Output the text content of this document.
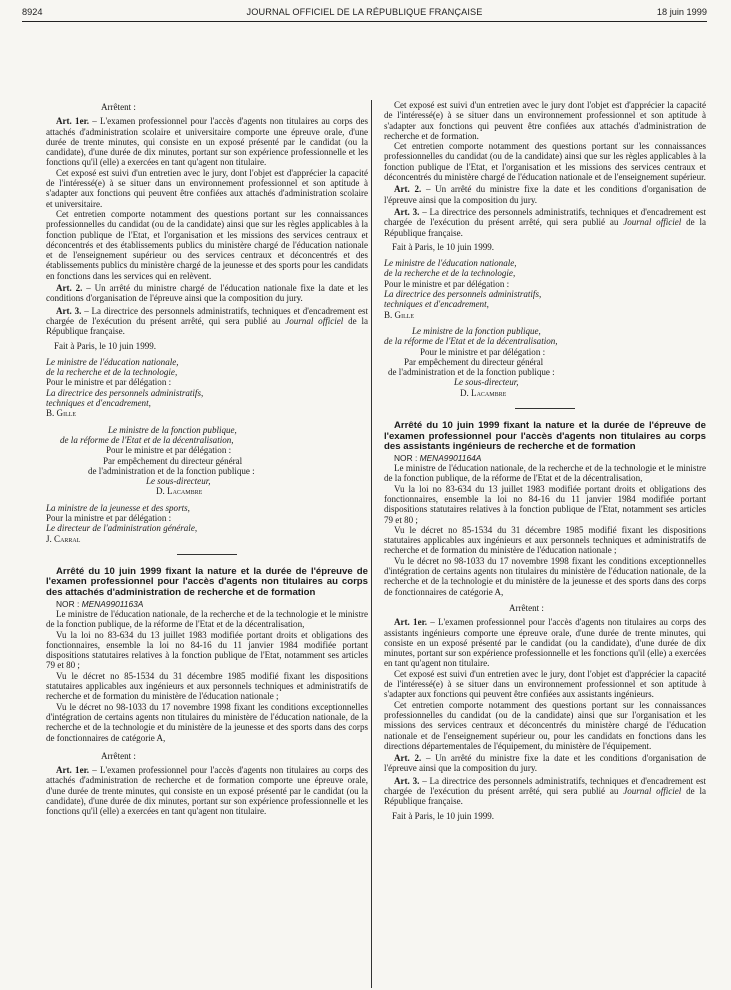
8924	JOURNAL OFFICIEL DE LA RÉPUBLIQUE FRANÇAISE	18 juin 1999

Arrêtent :

Art. 1er. – L'examen professionnel pour l'accès d'agents non titulaires au corps des attachés d'administration scolaire et universitaire comporte une épreuve orale, d'une durée de trente minutes, qui consiste en un exposé présenté par le candidat (ou la candidate), d'une durée de dix minutes, portant sur son expérience professionnelle et les fonctions qu'il (elle) a exercées en tant qu'agent non titulaire.

Cet exposé est suivi d'un entretien avec le jury, dont l'objet est d'apprécier la capacité de l'intéressé(e) à se situer dans un environnement professionnel et son aptitude à s'adapter aux fonctions qui peuvent être confiées aux attachés d'administration scolaire et universitaire.

Cet entretien comporte notamment des questions portant sur les connaissances professionnelles du candidat (ou de la candidate) ainsi que sur les règles applicables à la fonction publique de l'Etat, et l'organisation et les missions des services centraux et déconcentrés et des établissements publics du ministère chargé de l'éducation nationale et de l'enseignement supérieur ou des services centraux et déconcentrés et des établissements publics du ministère chargé de la jeunesse et des sports pour les candidats en fonctions dans les services qui en relèvent.

Art. 2. – Un arrêté du ministre chargé de l'éducation nationale fixe la date et les conditions d'organisation de l'épreuve ainsi que la composition du jury.

Art. 3. – La directrice des personnels administratifs, techniques et d'encadrement est chargée de l'exécution du présent arrêté, qui sera publié au Journal officiel de la République française.

Fait à Paris, le 10 juin 1999.

Le ministre de l'éducation nationale,

de la recherche et de la technologie,

Pour le ministre et par délégation :

La directrice des personnels administratifs,

techniques et d'encadrement,

B. Gille

Le ministre de la fonction publique,

de la réforme de l'Etat et de la décentralisation,

Pour le ministre et par délégation :

Par empêchement du directeur général

de l'administration et de la fonction publique :

Le sous-directeur,

D. Lacambre

La ministre de la jeunesse et des sports,

Pour la ministre et par délégation :

Le directeur de l'administration générale,

J. Carral

Arrêté du 10 juin 1999 fixant la nature et la durée de l'épreuve de l'examen professionnel pour l'accès d'agents non titulaires au corps des attachés d'administration de recherche et de formation

NOR : MENA9901163A

Le ministre de l'éducation nationale, de la recherche et de la technologie et le ministre de la fonction publique, de la réforme de l'Etat et de la décentralisation,

Vu la loi no 83-634 du 13 juillet 1983 modifiée portant droits et obligations des fonctionnaires, ensemble la loi no 84-16 du 11 janvier 1984 modifiée portant dispositions statutaires relatives à la fonction publique de l'Etat, notamment ses articles 79 et 80 ;

Vu le décret no 85-1534 du 31 décembre 1985 modifié fixant les dispositions statutaires applicables aux ingénieurs et aux personnels techniques et administratifs de recherche et de formation du ministère de l'éducation nationale ;

Vu le décret no 98-1033 du 17 novembre 1998 fixant les conditions exceptionnelles d'intégration de certains agents non titulaires du ministère de l'éducation nationale, de la recherche et de la technologie et du ministère de la jeunesse et des sports dans des corps de fonctionnaires de catégorie A,

Arrêtent :

Art. 1er. – L'examen professionnel pour l'accès d'agents non titulaires au corps des attachés d'administration de recherche et de formation comporte une épreuve orale, d'une durée de trente minutes, qui consiste en un exposé présenté par le candidat (ou la candidate), d'une durée de dix minutes, portant sur son expérience professionnelle et les fonctions qu'il (elle) a exercées en tant qu'agent non titulaire.

Cet exposé est suivi d'un entretien avec le jury dont l'objet est d'apprécier la capacité de l'intéressé(e) à se situer dans un environnement professionnel et son aptitude à s'adapter aux fonctions qui peuvent être confiées aux attachés d'administration de recherche et de formation.

Cet entretien comporte notamment des questions portant sur les connaissances professionnelles du candidat (ou de la candidate) ainsi que sur les règles applicables à la fonction publique de l'Etat, et l'organisation et les missions des services centraux et déconcentrés du ministère chargé de l'éducation nationale et de l'enseignement supérieur.

Art. 2. – Un arrêté du ministre fixe la date et les conditions d'organisation de l'épreuve ainsi que la composition du jury.

Art. 3. – La directrice des personnels administratifs, techniques et d'encadrement est chargée de l'exécution du présent arrêté, qui sera publié au Journal officiel de la République française.

Fait à Paris, le 10 juin 1999.

Le ministre de l'éducation nationale,

de la recherche et de la technologie,

Pour le ministre et par délégation :

La directrice des personnels administratifs,

techniques et d'encadrement,

B. Gille

Le ministre de la fonction publique,

de la réforme de l'Etat et de la décentralisation,

Pour le ministre et par délégation :

Par empêchement du directeur général

de l'administration et de la fonction publique :

Le sous-directeur,

D. Lacambre

Arrêté du 10 juin 1999 fixant la nature et la durée de l'épreuve de l'examen professionnel pour l'accès d'agents non titulaires au corps des assistants ingénieurs de recherche et de formation

NOR : MENA9901164A

Le ministre de l'éducation nationale, de la recherche et de la technologie et le ministre de la fonction publique, de la réforme de l'Etat et de la décentralisation,

Vu la loi no 83-634 du 13 juillet 1983 modifiée portant droits et obligations des fonctionnaires, ensemble la loi no 84-16 du 11 janvier 1984 modifiée portant dispositions statutaires relatives à la fonction publique de l'Etat, notamment ses articles 79 et 80 ;

Vu le décret no 85-1534 du 31 décembre 1985 modifié fixant les dispositions statutaires applicables aux ingénieurs et aux personnels techniques et administratifs de recherche et de formation du ministère de l'éducation nationale ;

Vu le décret no 98-1033 du 17 novembre 1998 fixant les conditions exceptionnelles d'intégration de certains agents non titulaires du ministère de l'éducation nationale, de la recherche et de la technologie et du ministère de la jeunesse et des sports dans des corps de fonctionnaires de catégorie A,

Arrêtent :

Art. 1er. – L'examen professionnel pour l'accès d'agents non titulaires au corps des assistants ingénieurs comporte une épreuve orale, d'une durée de trente minutes, qui consiste en un exposé présenté par le candidat (ou la candidate), d'une durée de dix minutes, portant sur son expérience professionnelle et les fonctions qu'il (elle) a exercées en tant qu'agent non titulaire.

Cet exposé est suivi d'un entretien avec le jury, dont l'objet est d'apprécier la capacité de l'intéressé(e) à se situer dans un environnement professionnel et son aptitude à s'adapter aux fonctions qui peuvent être confiées aux assistants ingénieurs.

Cet entretien comporte notamment des questions portant sur les connaissances professionnelles du candidat (ou de la candidate) ainsi que sur l'organisation et les missions des services centraux et déconcentrés du ministère chargé de l'éducation nationale et de l'enseignement supérieur ou, pour les candidats en fonctions dans les directions départementales de l'équipement, du ministère de l'équipement.

Art. 2. – Un arrêté du ministre fixe la date et les conditions d'organisation de l'épreuve ainsi que la composition du jury.

Art. 3. – La directrice des personnels administratifs, techniques et d'encadrement est chargée de l'exécution du présent arrêté, qui sera publié au Journal officiel de la République française.

Fait à Paris, le 10 juin 1999.
